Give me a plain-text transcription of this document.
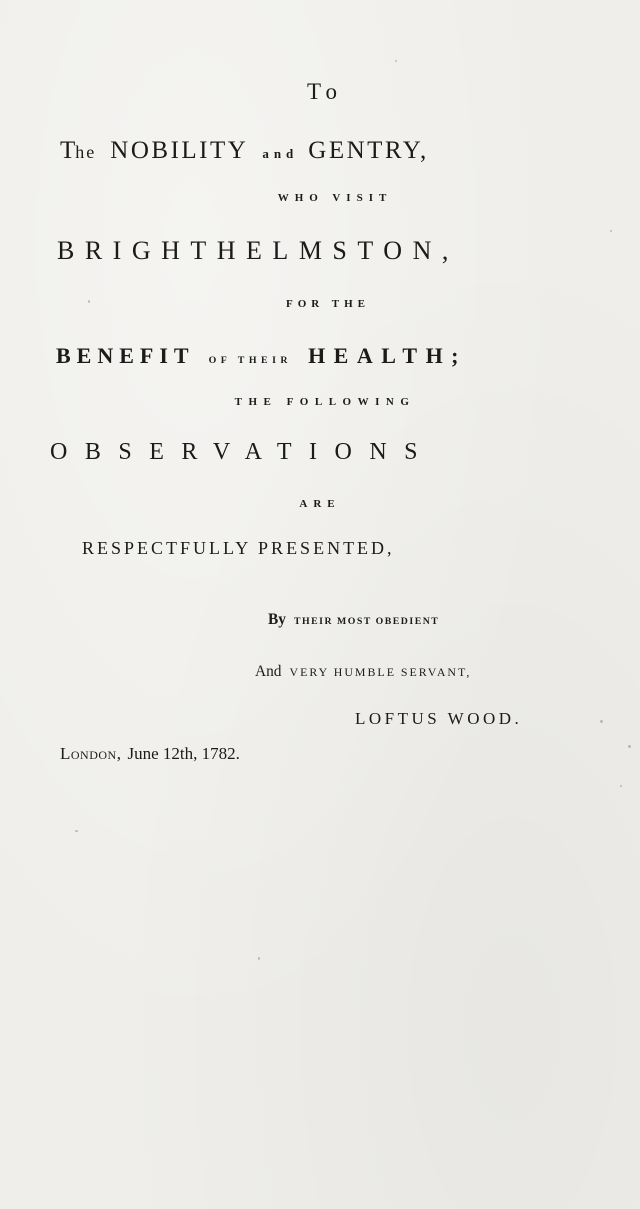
To
The NOBILITY and GENTRY,
WHO VISIT
BRIGHTHELMSTON,
FOR THE
BENEFIT OF THEIR HEALTH;
THE FOLLOWING
OBSERVATIONS
ARE
RESPECTFULLY PRESENTED,
By THEIR MOST OBEDIENT
And VERY HUMBLE SERVANT,
LOFTUS WOOD.
London, June 12th, 1782.
